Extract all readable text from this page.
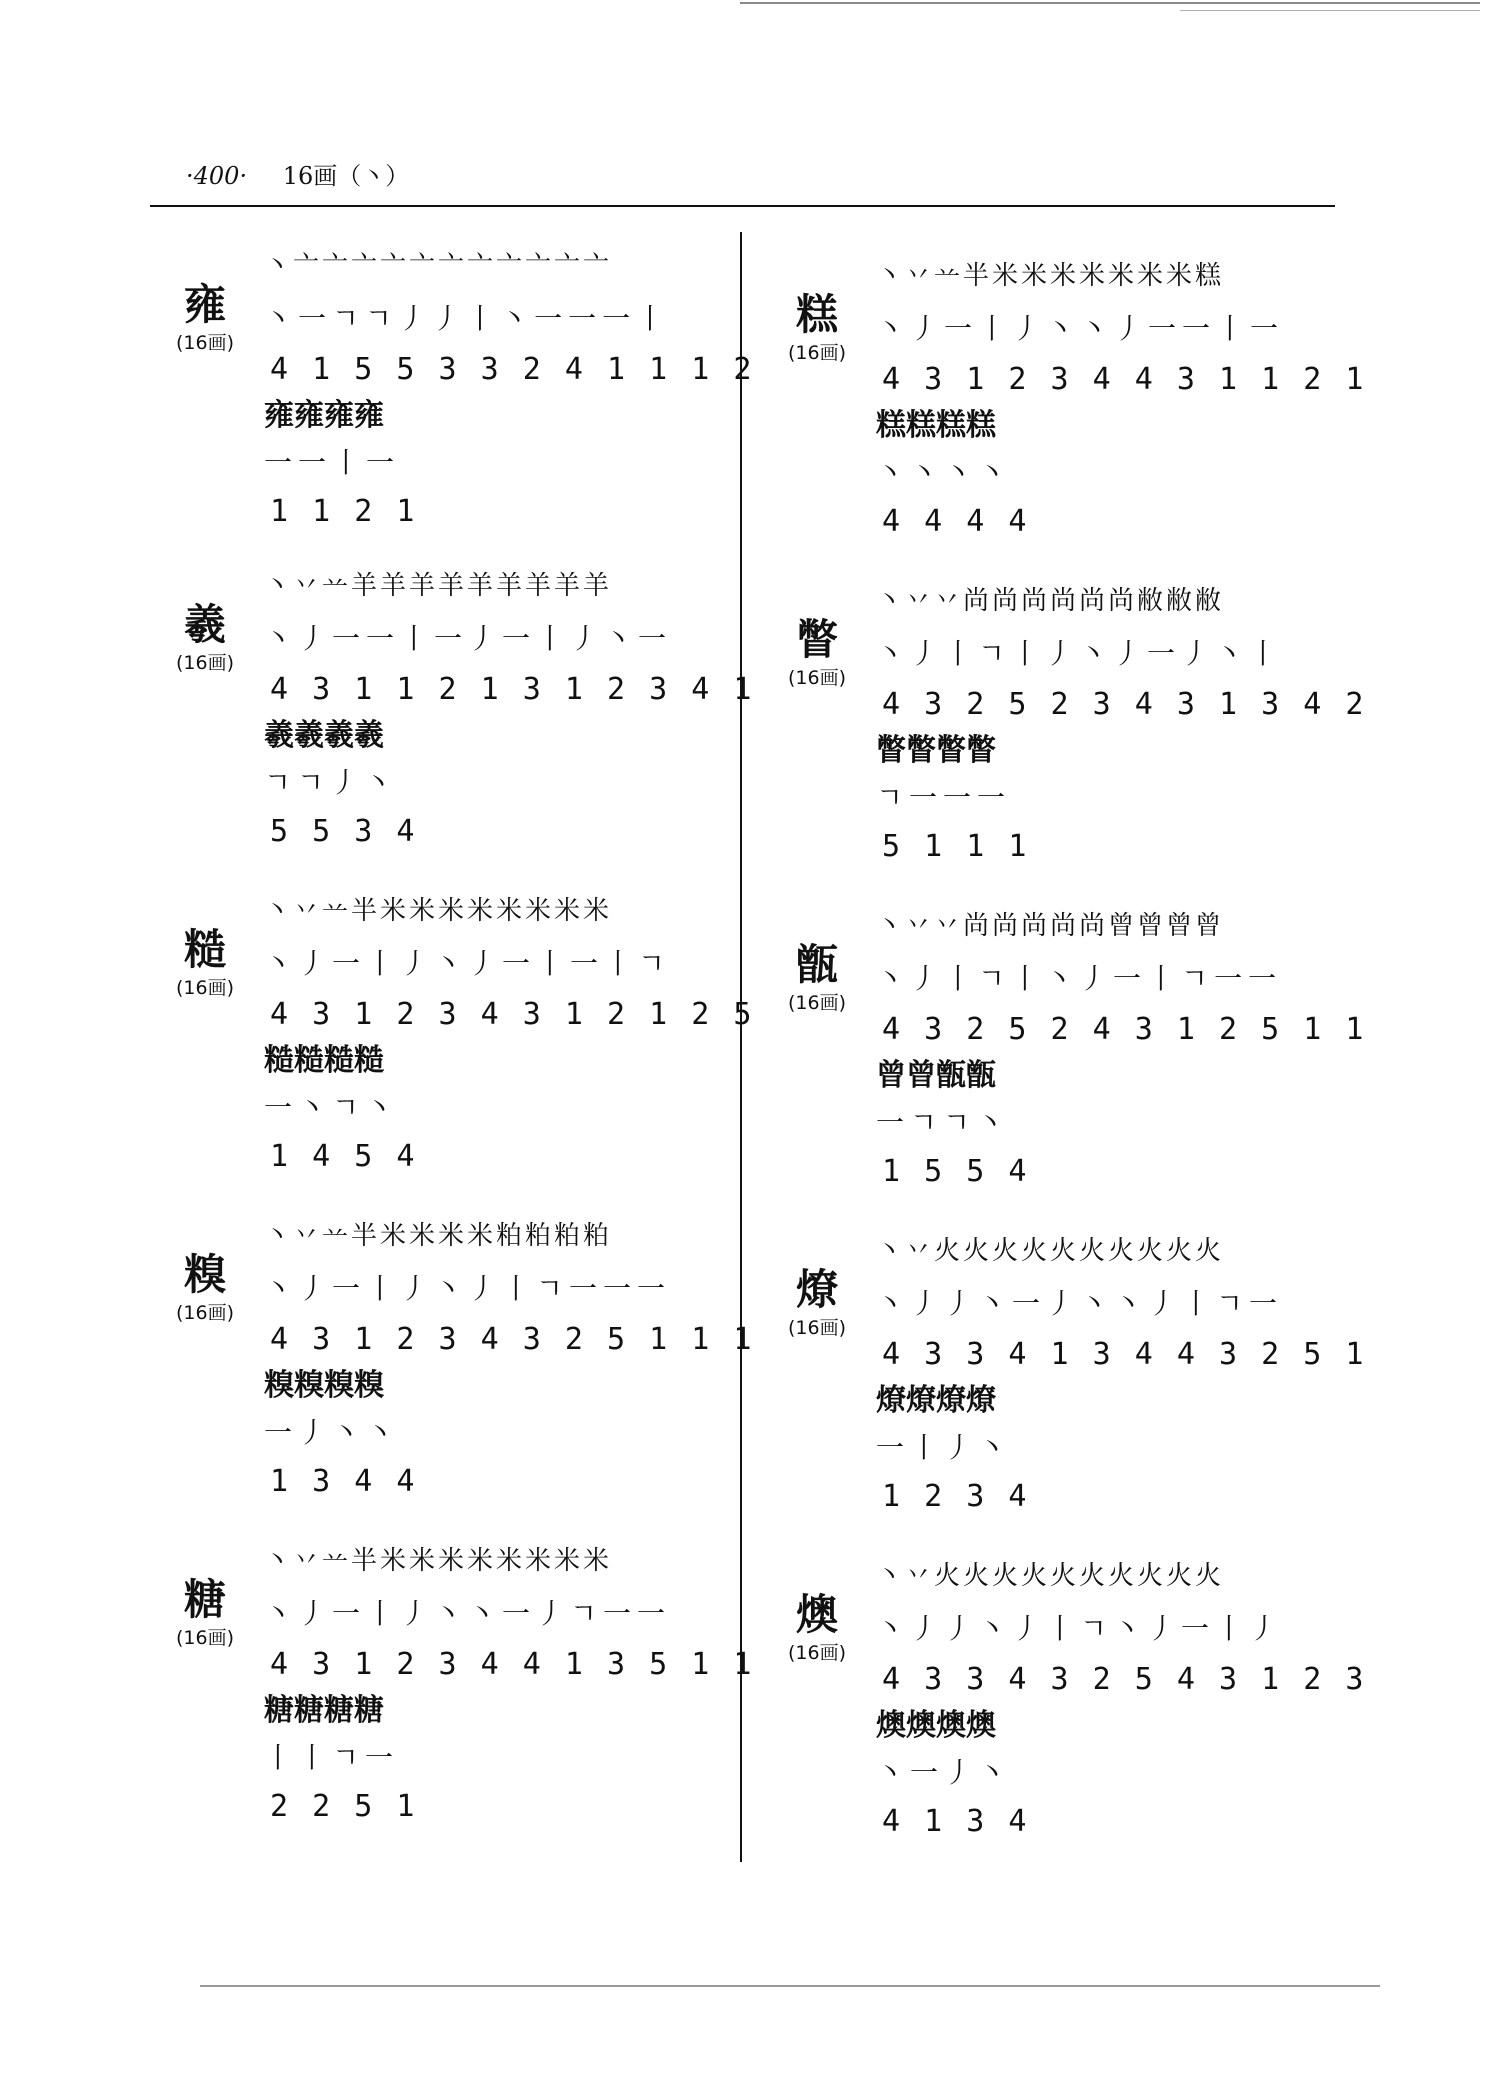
·400· 16画（丶）
雍
(16画)
丶亠亠亠亠亠亠亠亠亠亠亠
丶一ㄱㄱ丿丿丨丶一一一丨
4 1 5 5 3 3 2 4 1 1 1 2
雍雍雍雍
一一丨一
1 1 2 1
羲
(16画)
丶丷䒑羊羊羊羊羊羊羊羊羊
丶丿一一丨一丿一丨丿丶一
4 3 1 1 2 1 3 1 2 3 4 1
羲羲羲羲
ㄱㄱ丿丶
5 5 3 4
糙
(16画)
丶丷䒑半米米米米米米米米
丶丿一丨丿丶丿一丨一丨ㄱ
4 3 1 2 3 4 3 1 2 1 2 5
糙糙糙糙
一丶ㄱ丶
1 4 5 4
糗
(16画)
丶丷䒑半米米米米粕粕粕粕
丶丿一丨丿丶丿丨ㄱ一一一
4 3 1 2 3 4 3 2 5 1 1 1
糗糗糗糗
一丿丶丶
1 3 4 4
糖
(16画)
丶丷䒑半米米米米米米米米
丶丿一丨丿丶丶一丿ㄱ一一
4 3 1 2 3 4 4 1 3 5 1 1
糖糖糖糖
丨丨ㄱ一
2 2 5 1
糕
(16画)
丶丷䒑半米米米米米米米糕
丶丿一丨丿丶丶丿一一丨一
4 3 1 2 3 4 4 3 1 1 2 1
糕糕糕糕
丶丶丶丶
4 4 4 4
瞥
(16画)
丶丷丷尚尚尚尚尚尚敝敝敝
丶丿丨ㄱ丨丿丶丿一丿丶丨
4 3 2 5 2 3 4 3 1 3 4 2
瞥瞥瞥瞥
ㄱ一一一
5 1 1 1
甑
(16画)
丶丷丷尚尚尚尚尚曾曾曾曾
丶丿丨ㄱ丨丶丿一丨ㄱ一一
4 3 2 5 2 4 3 1 2 5 1 1
曾曾甑甑
一ㄱㄱ丶
1 5 5 4
燎
(16画)
丶丷火火火火火火火火火火
丶丿丿丶一丿丶丶丿丨ㄱ一
4 3 3 4 1 3 4 4 3 2 5 1
燎燎燎燎
一丨丿丶
1 2 3 4
燠
(16画)
丶丷火火火火火火火火火火
丶丿丿丶丿丨ㄱ丶丿一丨丿
4 3 3 4 3 2 5 4 3 1 2 3
燠燠燠燠
丶一丿丶
4 1 3 4
